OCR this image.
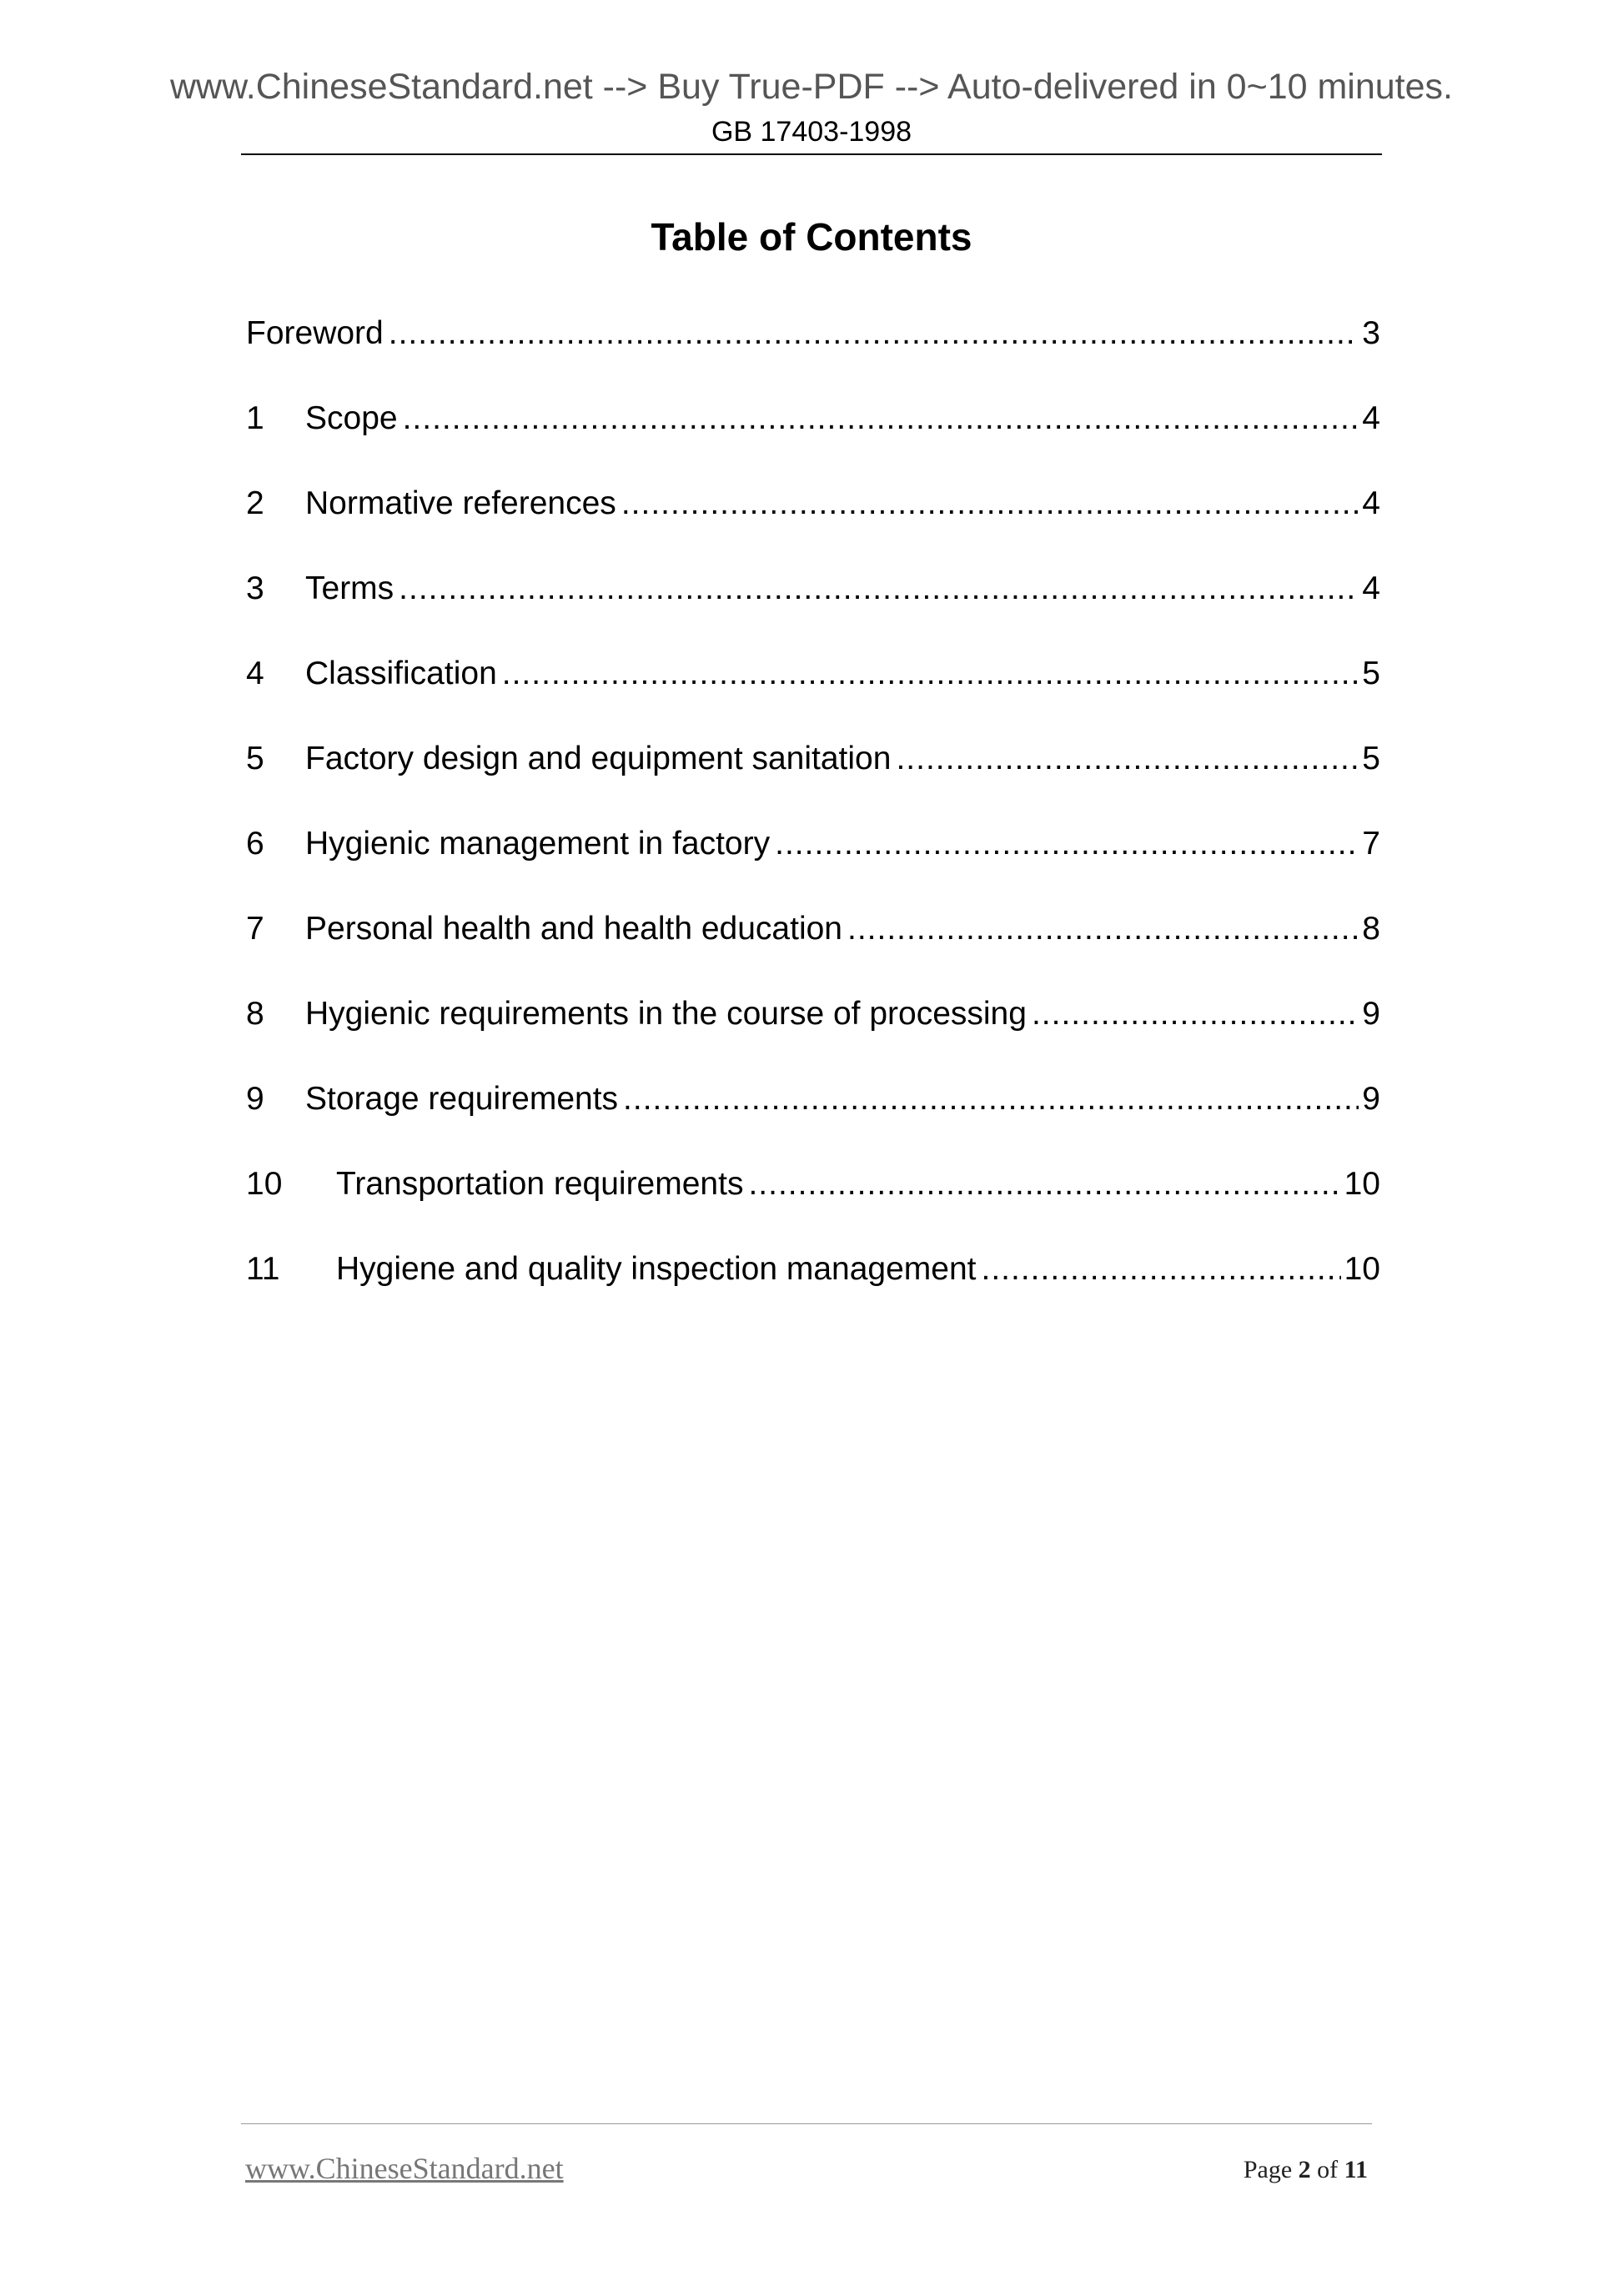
www.ChineseStandard.net --> Buy True-PDF --> Auto-delivered in 0~10 minutes.
GB 17403-1998
Table of Contents
Foreword .....	3
1	Scope .....	4
2	Normative references .....	4
3	Terms .....	4
4	Classification .....	5
5	Factory design and equipment sanitation .....	5
6	Hygienic management in factory .....	7
7	Personal health and health education .....	8
8	Hygienic requirements in the course of processing .....	9
9	Storage requirements .....	9
10	Transportation requirements .....	10
11	Hygiene and quality inspection management .....	10
www.ChineseStandard.net	Page 2 of 11
